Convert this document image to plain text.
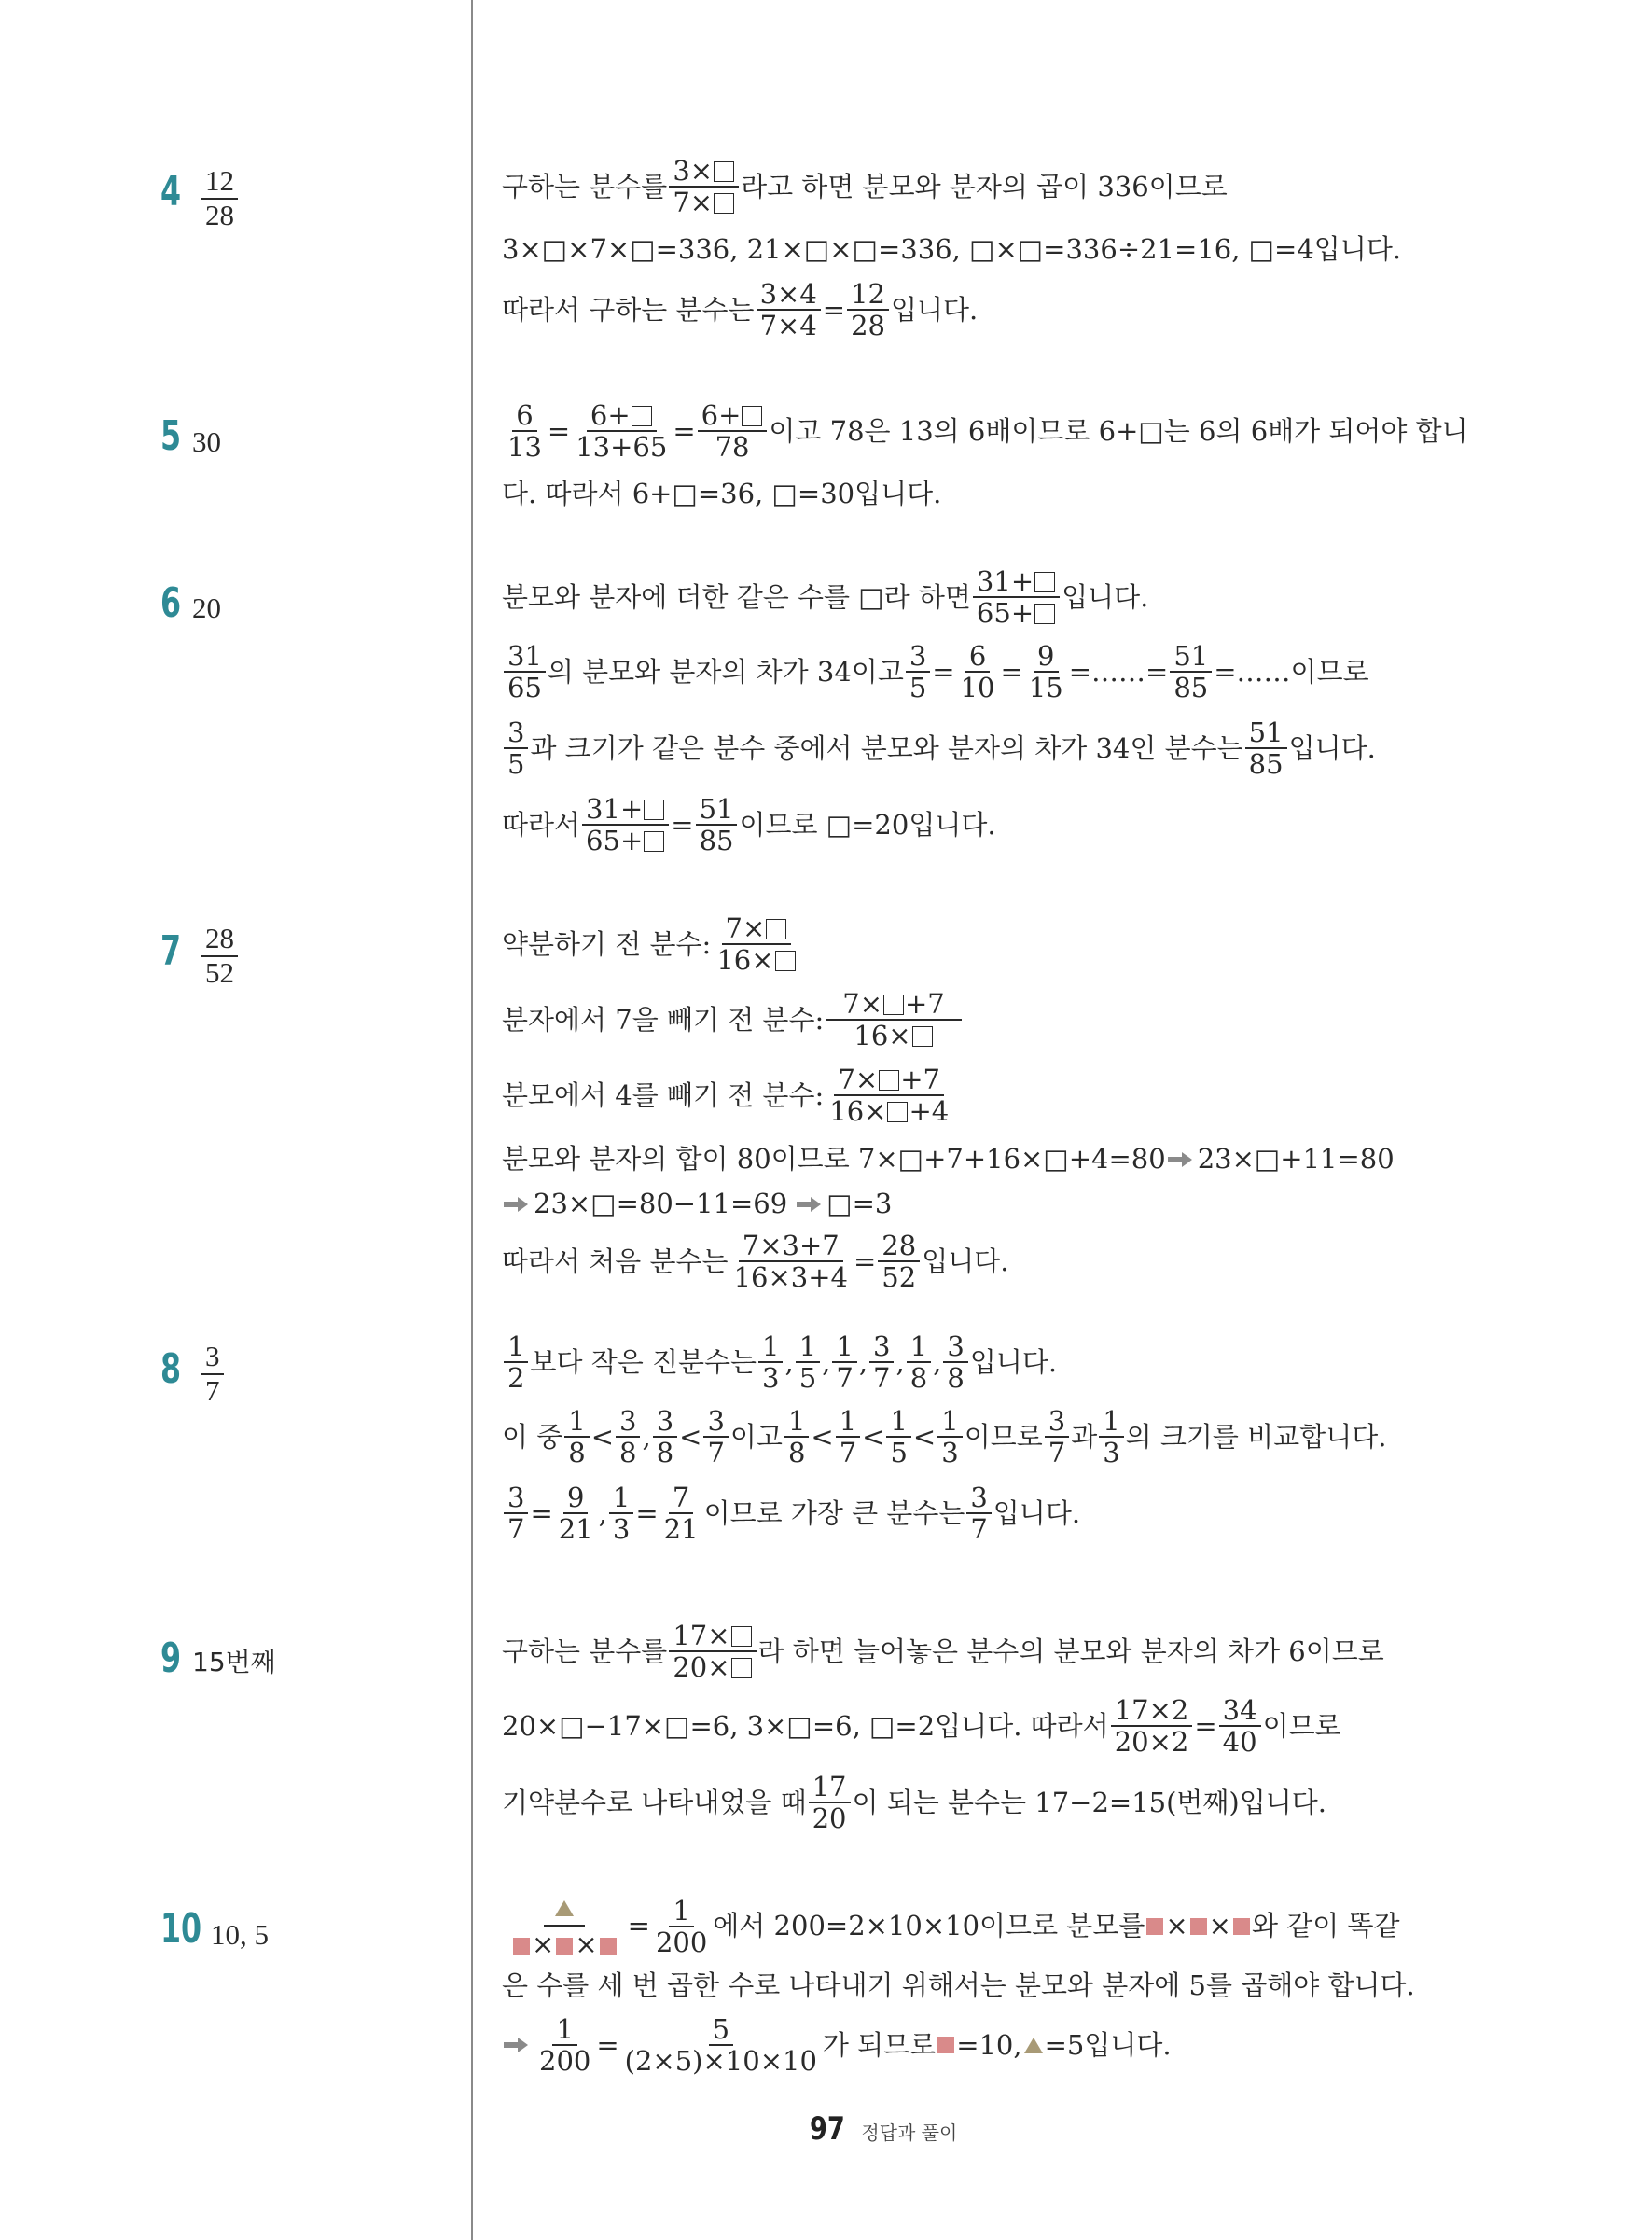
$4 \frac{12}{28}$	구하는 분수를 3×
7×
라고 하면 분모와 분자의 곱이 336이므로
3×□×7×□=336, 21×□×□=336, □×□=336÷21=16, □=4입니다.
따라서 구하는 분수는 $\frac{3\times 4}{7\times 4} = \frac{12}{28}$ 입니다.
5 30	$\frac{6}{13} = \frac{6+}{13+65} = \frac{6+}{78}$ 이고 78은 13의 6배이므로 6+□는 6의 6배가 되어야 합니
다. 따라서 6+□=36, □=30입니다.
6 20	분모와 분자에 더한 같은 수를 □라 하면 31+
65+
입니다.
31
65
의 분모와 분자의 차가 34이고 $\frac{3}{5} = \frac{6}{10} = \frac{9}{15}$ =……= $\frac{51}{85}$ =……이므로
3
5
과 크기가 같은 분수 중에서 분모와 분자의 차가 34인 분수는 51
85
입니다.
따라서 $\frac{31+}{65+} = \frac{51}{85}$ 이므로 □=20입니다.
$7 \frac{28}{52}$	약분하기 전 분수: 7×
16×
분자에서 7을 빼기 전 분수: 7× +7
16×
분모에서 4를 빼기 전 분수: 7× +7
16× +4
분모와 분자의 합이 80이므로 7×□+7+16×□+4=80 23×□+11=80
23×□=80−11=69 □=3
따라서 처음 분수는 $\frac{7\times 3+7}{16\times 3+4} = \frac{28}{52}$ 입니다.
$8 \frac{3}{7}$	1
2
보다 작은 진분수는 1
3
, 1
5
, 1
7
, 3
7
, 1
8
, 3
8
입니다.
이 중 1
8
< 3
8
, 3
8
< 3
7
이고 1
8
< 1
7
< 1
5
< 1
3
이므로 3
7
과 1
3
의 크기를 비교합니다.
$\frac{3}{7} = \frac{9}{21}$ , $\frac{1}{3} = \frac{7}{21}$ 이므로 가장 큰 분수는 3
7
입니다.
9 15번째	구하는 분수를 17×
20×
라 하면 늘어놓은 분수의 분모와 분자의 차가 6이므로
20×□−17×□=6, 3×□=6, □=2입니다. 따라서 $\frac{17\times 2}{20\times 2} = \frac{34}{40}$ 이므로
기약분수로 나타내었을 때 17
20
이 되는 분수는 17−2=15(번째)입니다.
10 10, 5	× ×
= $\frac{1}{200}$ 에서 200=2×10×10이므로 분모를 × × 와 같이 똑같
은 수를 세 번 곱한 수로 나타내기 위해서는 분모와 분자에 5를 곱해야 합니다.
$\frac{1}{200} = \frac{5}{(2\times 5)\times 10\times 10}$ 가 되므로 =10, =5입니다.
97 정답과 풀이
